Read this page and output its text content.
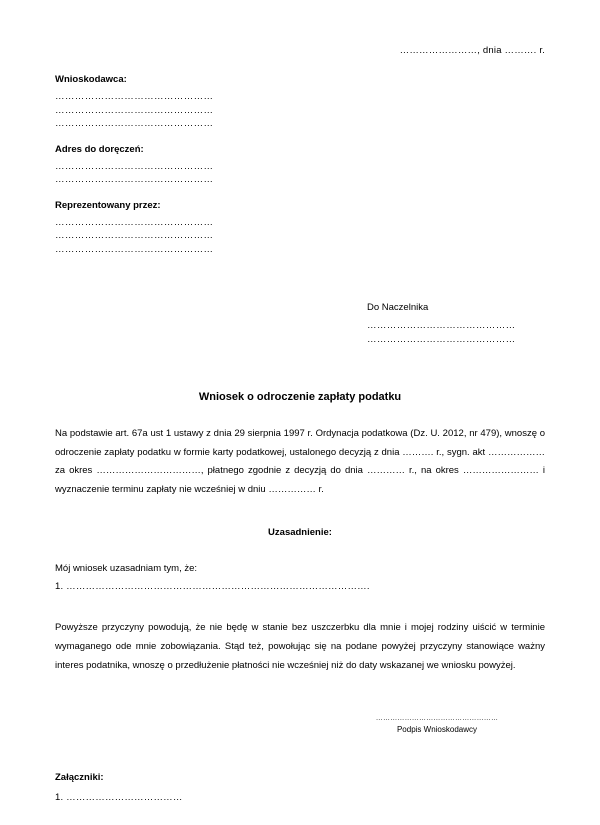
……………………, dnia ………. r.
Wnioskodawca:
…………………………………………
…………………………………………
…………………………………………
Adres do doręczeń:
…………………………………………
…………………………………………
Reprezentowany przez:
…………………………………………
…………………………………………
…………………………………………
Do Naczelnika
………………………………………
………………………………………
Wniosek o odroczenie zapłaty podatku
Na podstawie art. 67a ust 1 ustawy z dnia 29 sierpnia 1997 r. Ordynacja podatkowa (Dz. U. 2012, nr 479), wnoszę o odroczenie zapłaty podatku w formie karty podatkowej, ustalonego decyzją z dnia ………. r., sygn. akt ……………… za okres ……………………………, płatnego zgodnie z decyzją do dnia ………… r., na okres …………………… i wyznaczenie terminu zapłaty nie wcześniej w dniu …………… r.
Uzasadnienie:
Mój wniosek uzasadniam tym, że:
1. ………………………………………………………………………………….
Powyższe przyczyny powodują, że nie będę w stanie bez uszczerbku dla mnie i mojej rodziny uiścić w terminie wymaganego ode mnie zobowiązania. Stąd też, powołując się na podane powyżej przyczyny stanowiące ważny interes podatnika, wnoszę o przedłużenie płatności nie wcześniej niż do daty wskazanej we wniosku powyżej.
……………………………………………
Podpis Wnioskodawcy
Załączniki:
1. ………………………………
